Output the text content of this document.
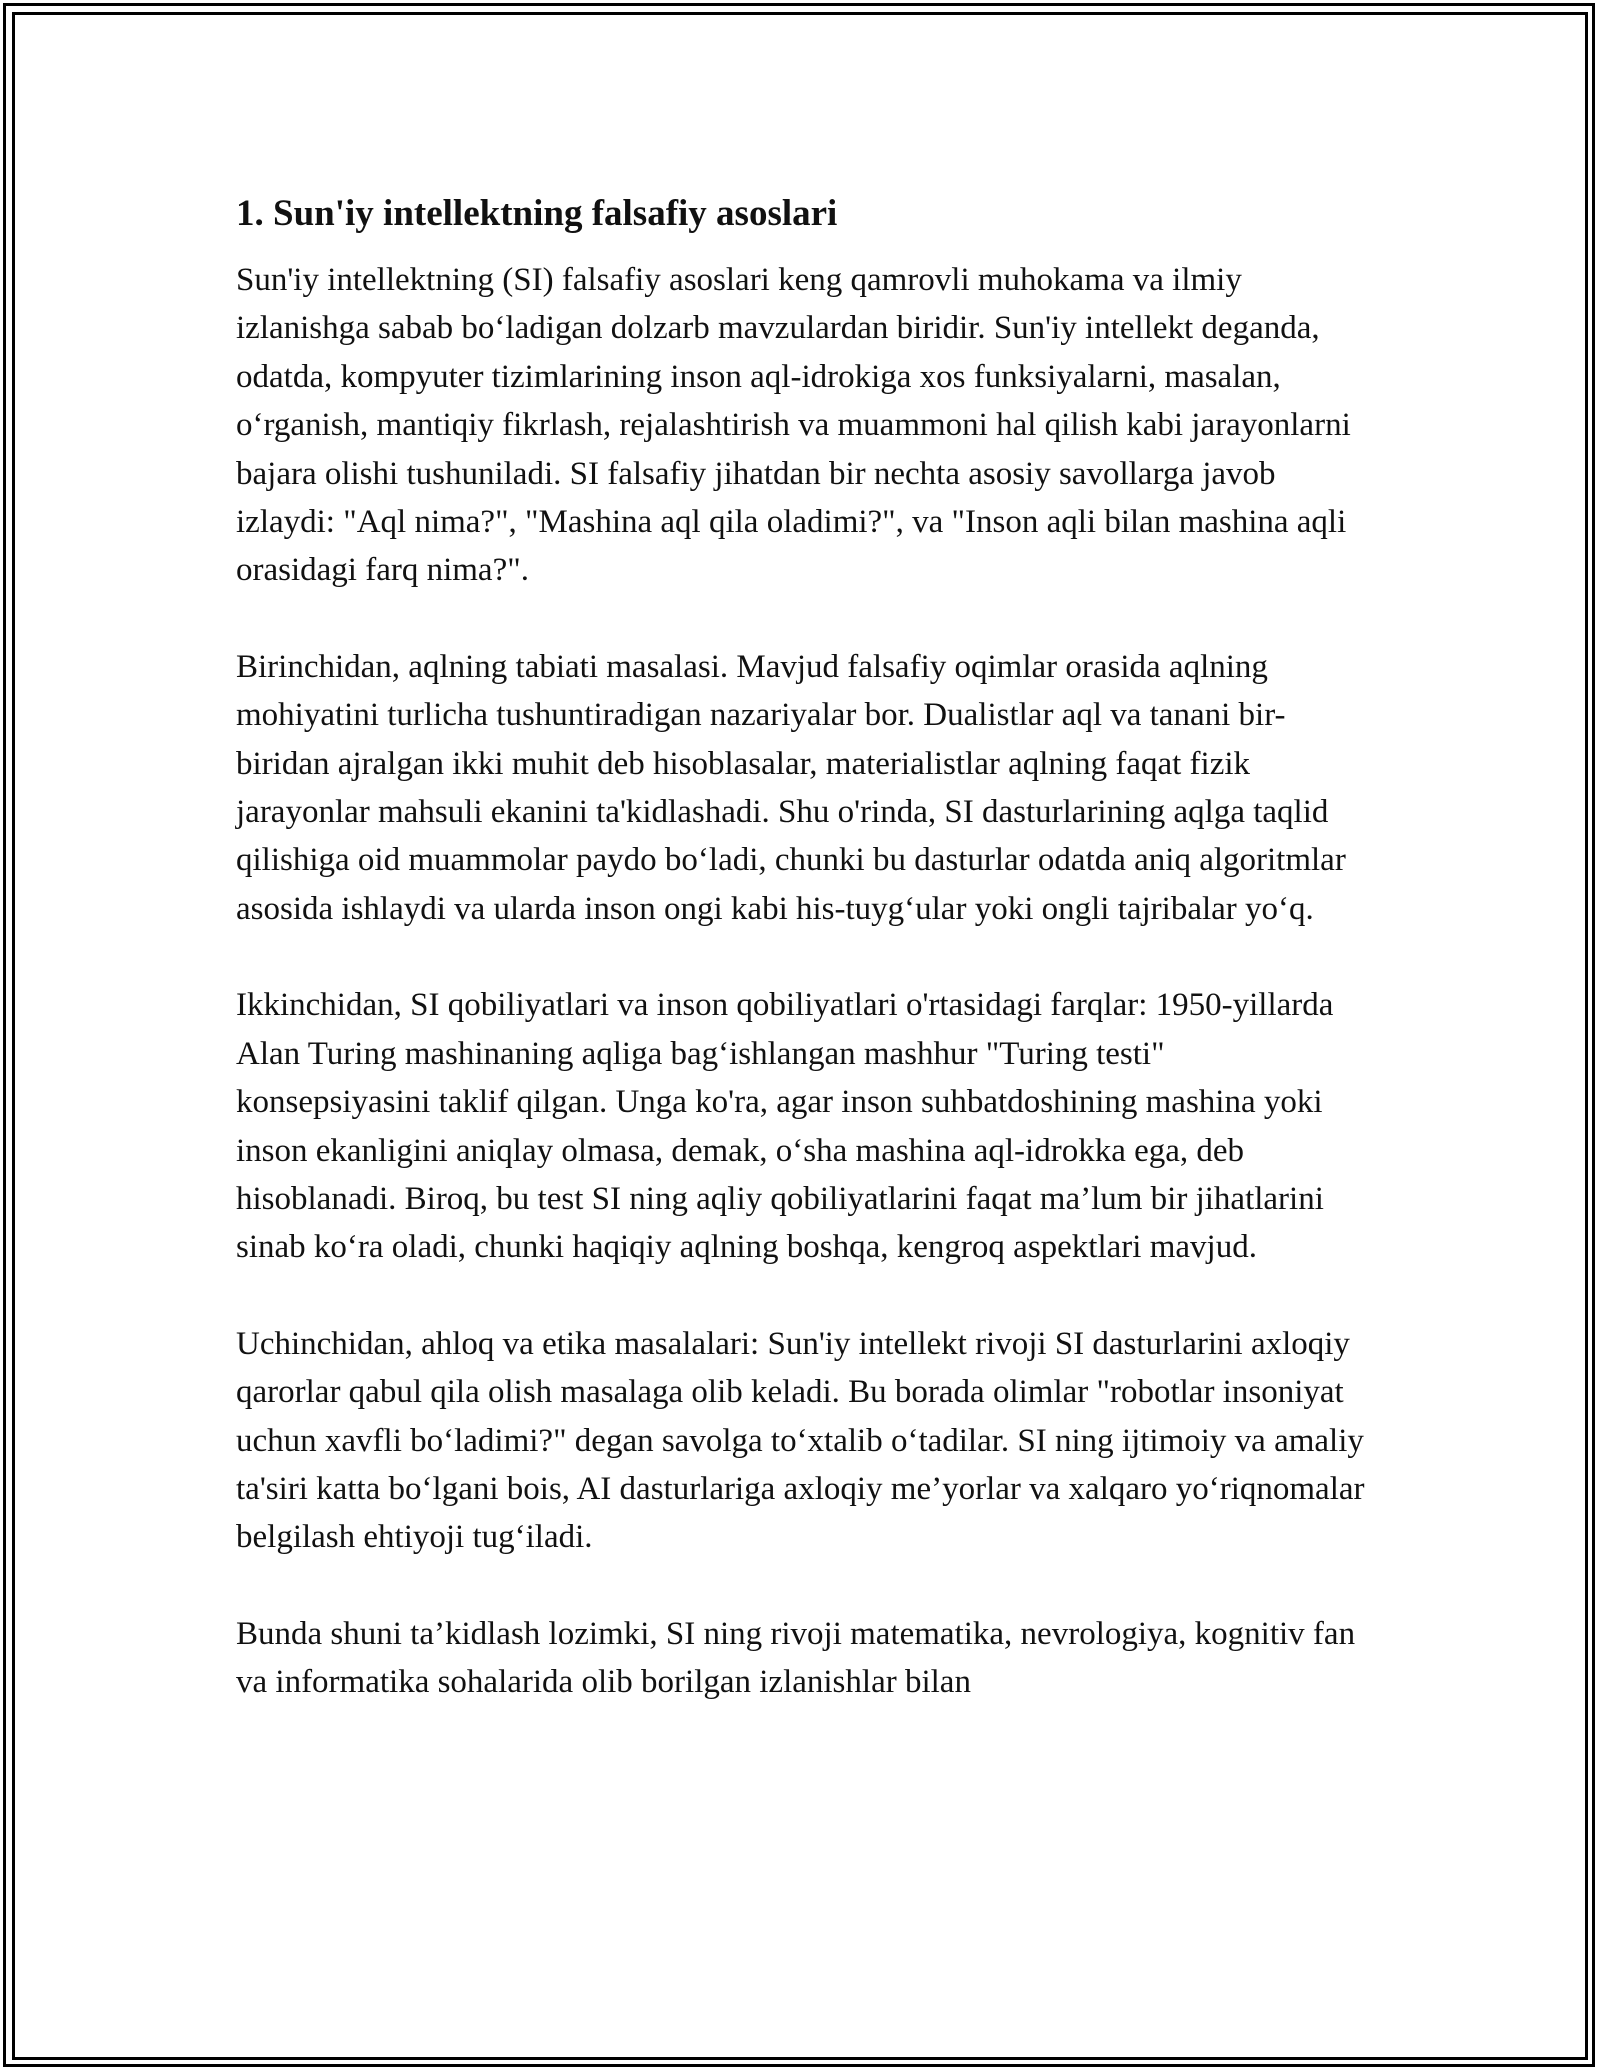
1. Sun'iy intellektning falsafiy asoslari

Sun'iy intellektning (SI) falsafiy asoslari keng qamrovli muhokama va ilmiy izlanishga sabab bo‘ladigan dolzarb mavzulardan biridir. Sun'iy intellekt deganda, odatda, kompyuter tizimlarining inson aql-idrokiga xos funksiyalarni, masalan, o‘rganish, mantiqiy fikrlash, rejalashtirish va muammoni hal qilish kabi jarayonlarni bajara olishi tushuniladi. SI falsafiy jihatdan bir nechta asosiy savollarga javob izlaydi: "Aql nima?", "Mashina aql qila oladimi?", va "Inson aqli bilan mashina aqli orasidagi farq nima?".

Birinchidan, aqlning tabiati masalasi. Mavjud falsafiy oqimlar orasida aqlning mohiyatini turlicha tushuntiradigan nazariyalar bor. Dualistlar aql va tanani bir-biridan ajralgan ikki muhit deb hisoblasalar, materialistlar aqlning faqat fizik jarayonlar mahsuli ekanini ta'kidlashadi. Shu o'rinda, SI dasturlarining aqlga taqlid qilishiga oid muammolar paydo bo‘ladi, chunki bu dasturlar odatda aniq algoritmlar asosida ishlaydi va ularda inson ongi kabi his-tuyg‘ular yoki ongli tajribalar yo‘q.

Ikkinchidan, SI qobiliyatlari va inson qobiliyatlari o'rtasidagi farqlar: 1950-yillarda Alan Turing mashinaning aqliga bag‘ishlangan mashhur "Turing testi" konsepsiyasini taklif qilgan. Unga ko'ra, agar inson suhbatdoshining mashina yoki inson ekanligini aniqlay olmasa, demak, o‘sha mashina aql-idrokka ega, deb hisoblanadi. Biroq, bu test SI ning aqliy qobiliyatlarini faqat ma’lum bir jihatlarini sinab ko‘ra oladi, chunki haqiqiy aqlning boshqa, kengroq aspektlari mavjud.

Uchinchidan, ahloq va etika masalalari: Sun'iy intellekt rivoji SI dasturlarini axloqiy qarorlar qabul qila olish masalaga olib keladi. Bu borada olimlar "robotlar insoniyat uchun xavfli bo‘ladimi?" degan savolga to‘xtalib o‘tadilar. SI ning ijtimoiy va amaliy ta'siri katta bo‘lgani bois, AI dasturlariga axloqiy me’yorlar va xalqaro yo‘riqnomalar belgilash ehtiyoji tug‘iladi.

Bunda shuni ta’kidlash lozimki, SI ning rivoji matematika, nevrologiya, kognitiv fan va informatika sohalarida olib borilgan izlanishlar bilan
